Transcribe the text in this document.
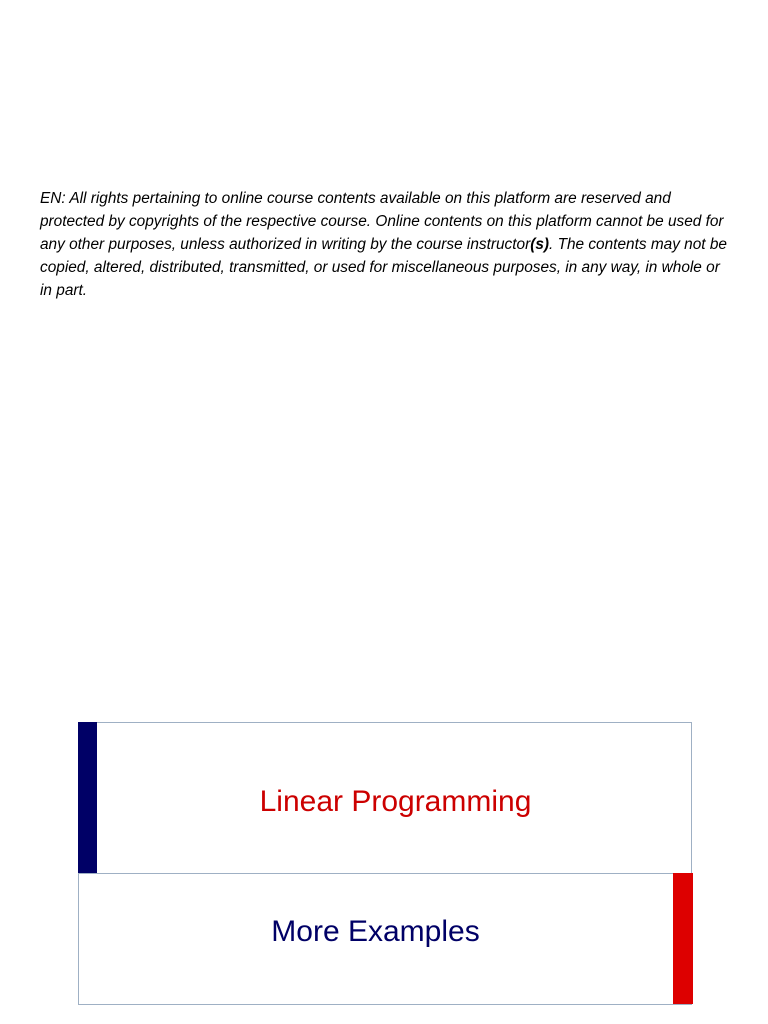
EN: All rights pertaining to online course contents available on this platform are reserved and protected by copyrights of the respective course. Online contents on this platform cannot be used for any other purposes, unless authorized in writing by the course instructor(s). The contents may not be copied, altered, distributed, transmitted, or used for miscellaneous purposes, in any way, in whole or in part.

Linear Programming
More Examples
